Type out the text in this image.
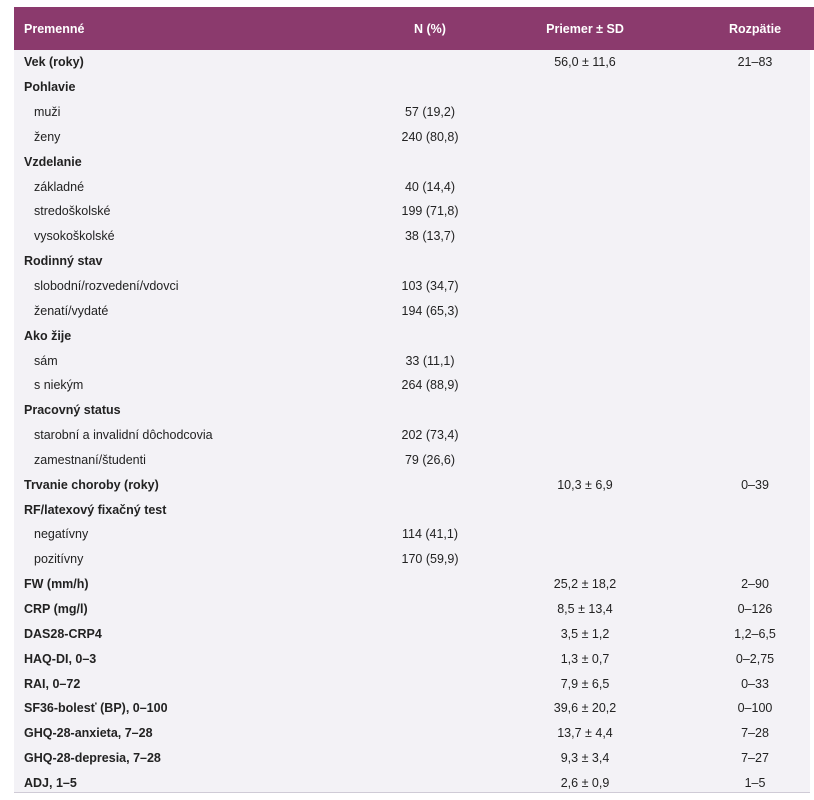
Premenné	N (%)	Priemer ± SD	Rozpätie
Vek (roky)		56,0 ± 11,6	21–83
Pohlavie			
muži	57 (19,2)		
ženy	240 (80,8)		
Vzdelanie			
základné	40 (14,4)		
stredoškolské	199 (71,8)		
vysokoškolské	38 (13,7)		
Rodinný stav			
slobodní/rozvedení/vdovci	103 (34,7)		
ženatí/vydaté	194 (65,3)		
Ako žije			
sám	33 (11,1)		
s niekým	264 (88,9)		
Pracovný status			
starobní a invalidní dôchodcovia	202 (73,4)		
zamestnaní/študenti	79 (26,6)		
Trvanie choroby (roky)		10,3 ± 6,9	0–39
RF/latexový fixačný test			
negatívny	114 (41,1)		
pozitívny	170 (59,9)		
FW (mm/h)		25,2 ± 18,2	2–90
CRP (mg/l)		8,5 ± 13,4	0–126
DAS28-CRP4		3,5 ± 1,2	1,2–6,5
HAQ-DI, 0–3		1,3 ± 0,7	0–2,75
RAI, 0–72		7,9 ± 6,5	0–33
SF36-bolesť (BP), 0–100		39,6 ± 20,2	0–100
GHQ-28-anxieta, 7–28		13,7 ± 4,4	7–28
GHQ-28-depresia, 7–28		9,3 ± 3,4	7–27
ADJ, 1–5		2,6 ± 0,9	1–5
